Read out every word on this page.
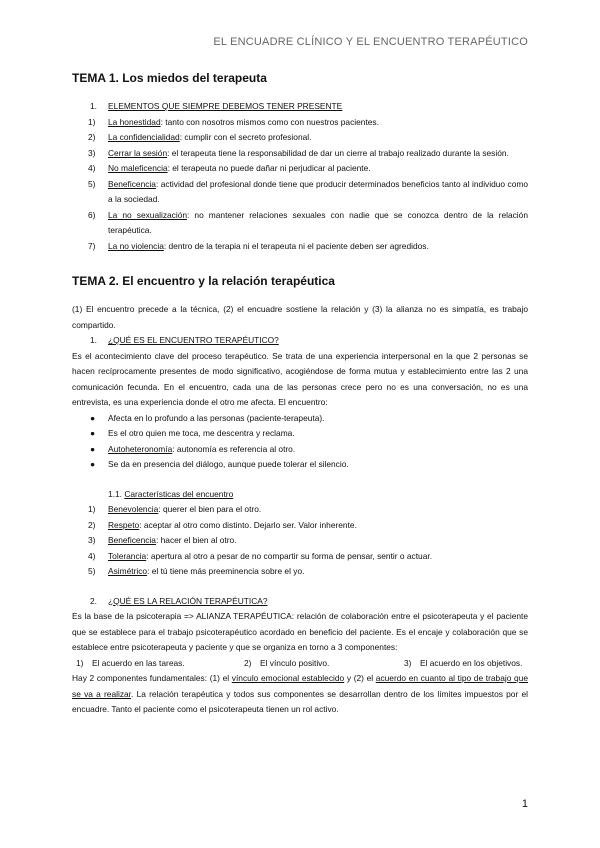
EL ENCUADRE CLÍNICO Y EL ENCUENTRO TERAPÉUTICO
TEMA 1. Los miedos del terapeuta
1. ELEMENTOS QUE SIEMPRE DEBEMOS TENER PRESENTE
1) La honestidad: tanto con nosotros mismos como con nuestros pacientes.
2) La confidencialidad: cumplir con el secreto profesional.
3) Cerrar la sesión: el terapeuta tiene la responsabilidad de dar un cierre al trabajo realizado durante la sesión.
4) No maleficencia: el terapeuta no puede dañar ni perjudicar al paciente.
5) Beneficencia: actividad del profesional donde tiene que producir determinados beneficios tanto al individuo como a la sociedad.
6) La no sexualización: no mantener relaciones sexuales con nadie que se conozca dentro de la relación terapéutica.
7) La no violencia: dentro de la terapia ni el terapeuta ni el paciente deben ser agredidos.
TEMA 2. El encuentro y la relación terapéutica

(1) El encuentro precede a la técnica, (2) el encuadre sostiene la relación y (3) la alianza no es simpatía, es trabajo compartido.

1. ¿QUÉ ES EL ENCUENTRO TERAPÉUTICO?

Es el acontecimiento clave del proceso terapéutico. Se trata de una experiencia interpersonal en la que 2 personas se hacen recíprocamente presentes de modo significativo, acogiéndose de forma mutua y establecimiento entre las 2 una comunicación fecunda. En el encuentro, cada una de las personas crece pero no es una conversación, no es una entrevista, es una experiencia donde el otro me afecta. El encuentro:

● Afecta en lo profundo a las personas (paciente-terapeuta).
● Es el otro quien me toca, me descentra y reclama.
● Autoheteronomía: autonomía es referencia al otro.
● Se da en presencia del diálogo, aunque puede tolerar el silencio.
1.1. Características del encuentro
1) Benevolencia: querer el bien para el otro.
2) Respeto: aceptar al otro como distinto. Dejarlo ser. Valor inherente.
3) Beneficencia: hacer el bien al otro.
4) Tolerancia: apertura al otro a pesar de no compartir su forma de pensar, sentir o actuar.
5) Asimétrico: el tú tiene más preeminencia sobre el yo.
2. ¿QUÉ ES LA RELACIÓN TERAPÉUTICA?

Es la base de la psicoterapia => ALIANZA TERAPÉUTICA: relación de colaboración entre el psicoterapeuta y el paciente que se establece para el trabajo psicoterapéutico acordado en beneficio del paciente. Es el encaje y colaboración que se establece entre psicoterapeuta y paciente y que se organiza en torno a 3 componentes:

1) El acuerdo en las tareas.	2) El vínculo positivo.	3) El acuerdo en los objetivos.

Hay 2 componentes fundamentales: (1) el vínculo emocional establecido y (2) el acuerdo en cuanto al tipo de trabajo que se va a realizar. La relación terapéutica y todos sus componentes se desarrollan dentro de los límites impuestos por el encuadre. Tanto el paciente como el psicoterapeuta tienen un rol activo.

1
